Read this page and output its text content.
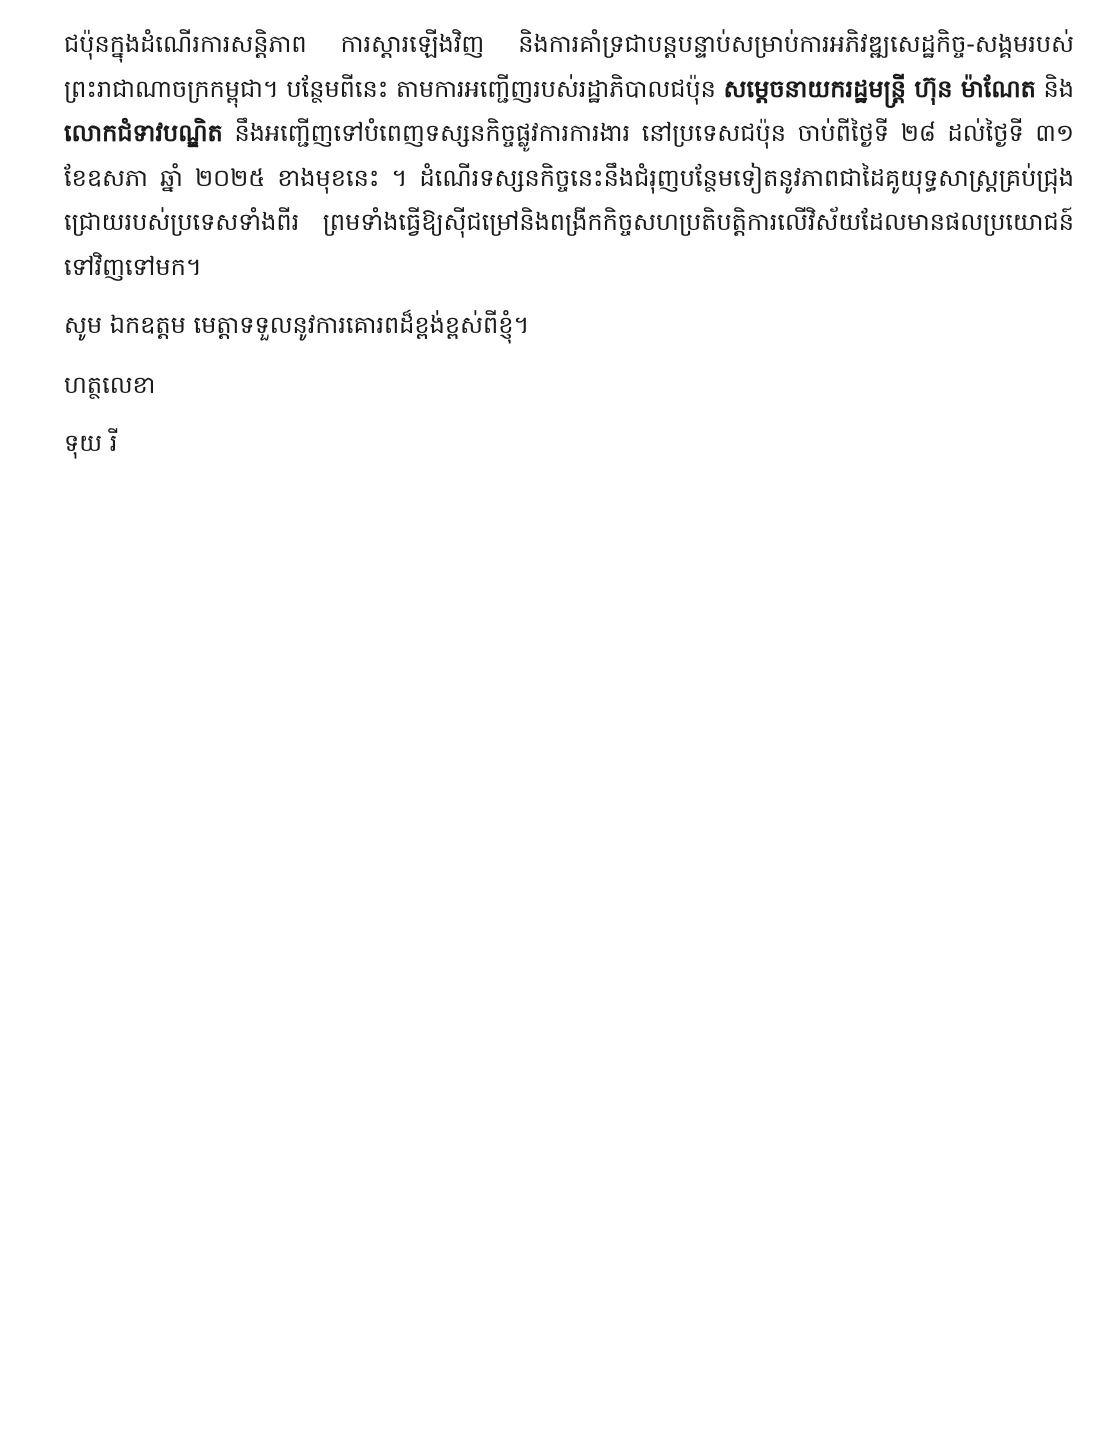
ជប៉ុនក្នុងដំណើរការសន្តិភាព ការស្តារឡើងវិញ និងការគាំទ្រជាបន្តបន្ទាប់សម្រាប់ការអភិវឌ្ឍសេដ្ឋកិច្ច-សង្គមរបស់ព្រះរាជាណាចក្រកម្ពុជា។ បន្ថែមពីនេះ តាមការអញ្ជើញរបស់រដ្ឋាភិបាលជប៉ុន សម្តេចនាយករដ្ឋមន្ត្រី ហ៊ុន ម៉ាណែត និង លោកជំទាវបណ្ឌិត នឹងអញ្ជើញទៅបំពេញទស្សនកិច្ចផ្លូវការការងារ នៅប្រទេសជប៉ុន ចាប់ពីថ្ងៃទី ២៨ ដល់ថ្ងៃទី ៣១ ខែឧសភា ឆ្នាំ ២០២៥ ខាងមុខនេះ ។ ដំណើរទស្សនកិច្ចនេះនឹងជំរុញបន្ថែមទៀតនូវភាពជាដៃគូយុទ្ធសាស្ត្រគ្រប់ជ្រុងជ្រោយរបស់ប្រទេសទាំងពីរ ព្រមទាំងធ្វើឱ្យស៊ីជម្រៅនិងពង្រីកកិច្ចសហប្រតិបត្តិការលើវិស័យដែលមានផលប្រយោជន៍ទៅវិញទៅមក។

សូម ឯកឧត្តម មេត្តាទទួលនូវការគោរពដ៏ខ្ពង់ខ្ពស់ពីខ្ញុំ។

ហត្ថលេខា

ទុយ រី
